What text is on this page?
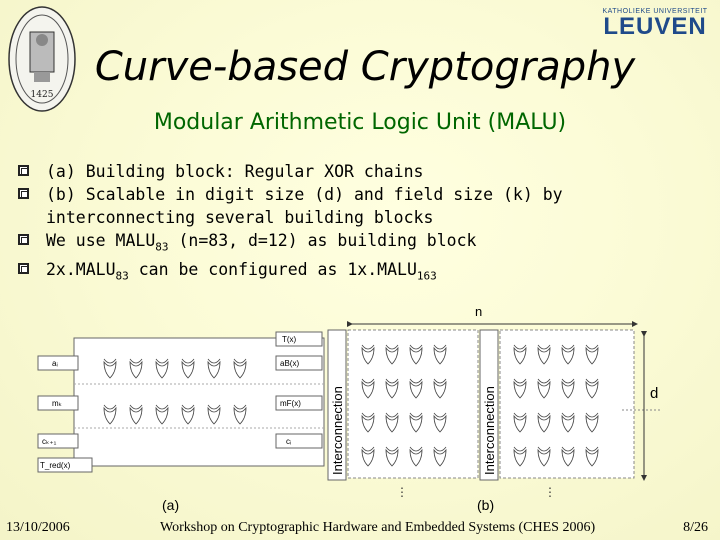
1425
KATHOLIEKE UNIVERSITEIT
LEUVEN
Curve-based Cryptography
Modular Arithmetic Logic Unit (MALU)
(a) Building block: Regular XOR chains
(b) Scalable in digit size (d) and field size (k) by interconnecting several building blocks
We use $MALU_{83}$ (n=83, d=12) as building block
$2x.MALU_{83}$ can be configured as $1x.MALU_{163}$
aᵢ
mₖ
cₖ₊₁
T_red(x)
T(x)
aB(x)
mF(x)
cᵢ
(a)
Interconnection	Interconnection
⋮	⋮
(b)
n
d
13/10/2006	Workshop on Cryptographic Hardware and Embedded Systems (CHES 2006)	8/26
